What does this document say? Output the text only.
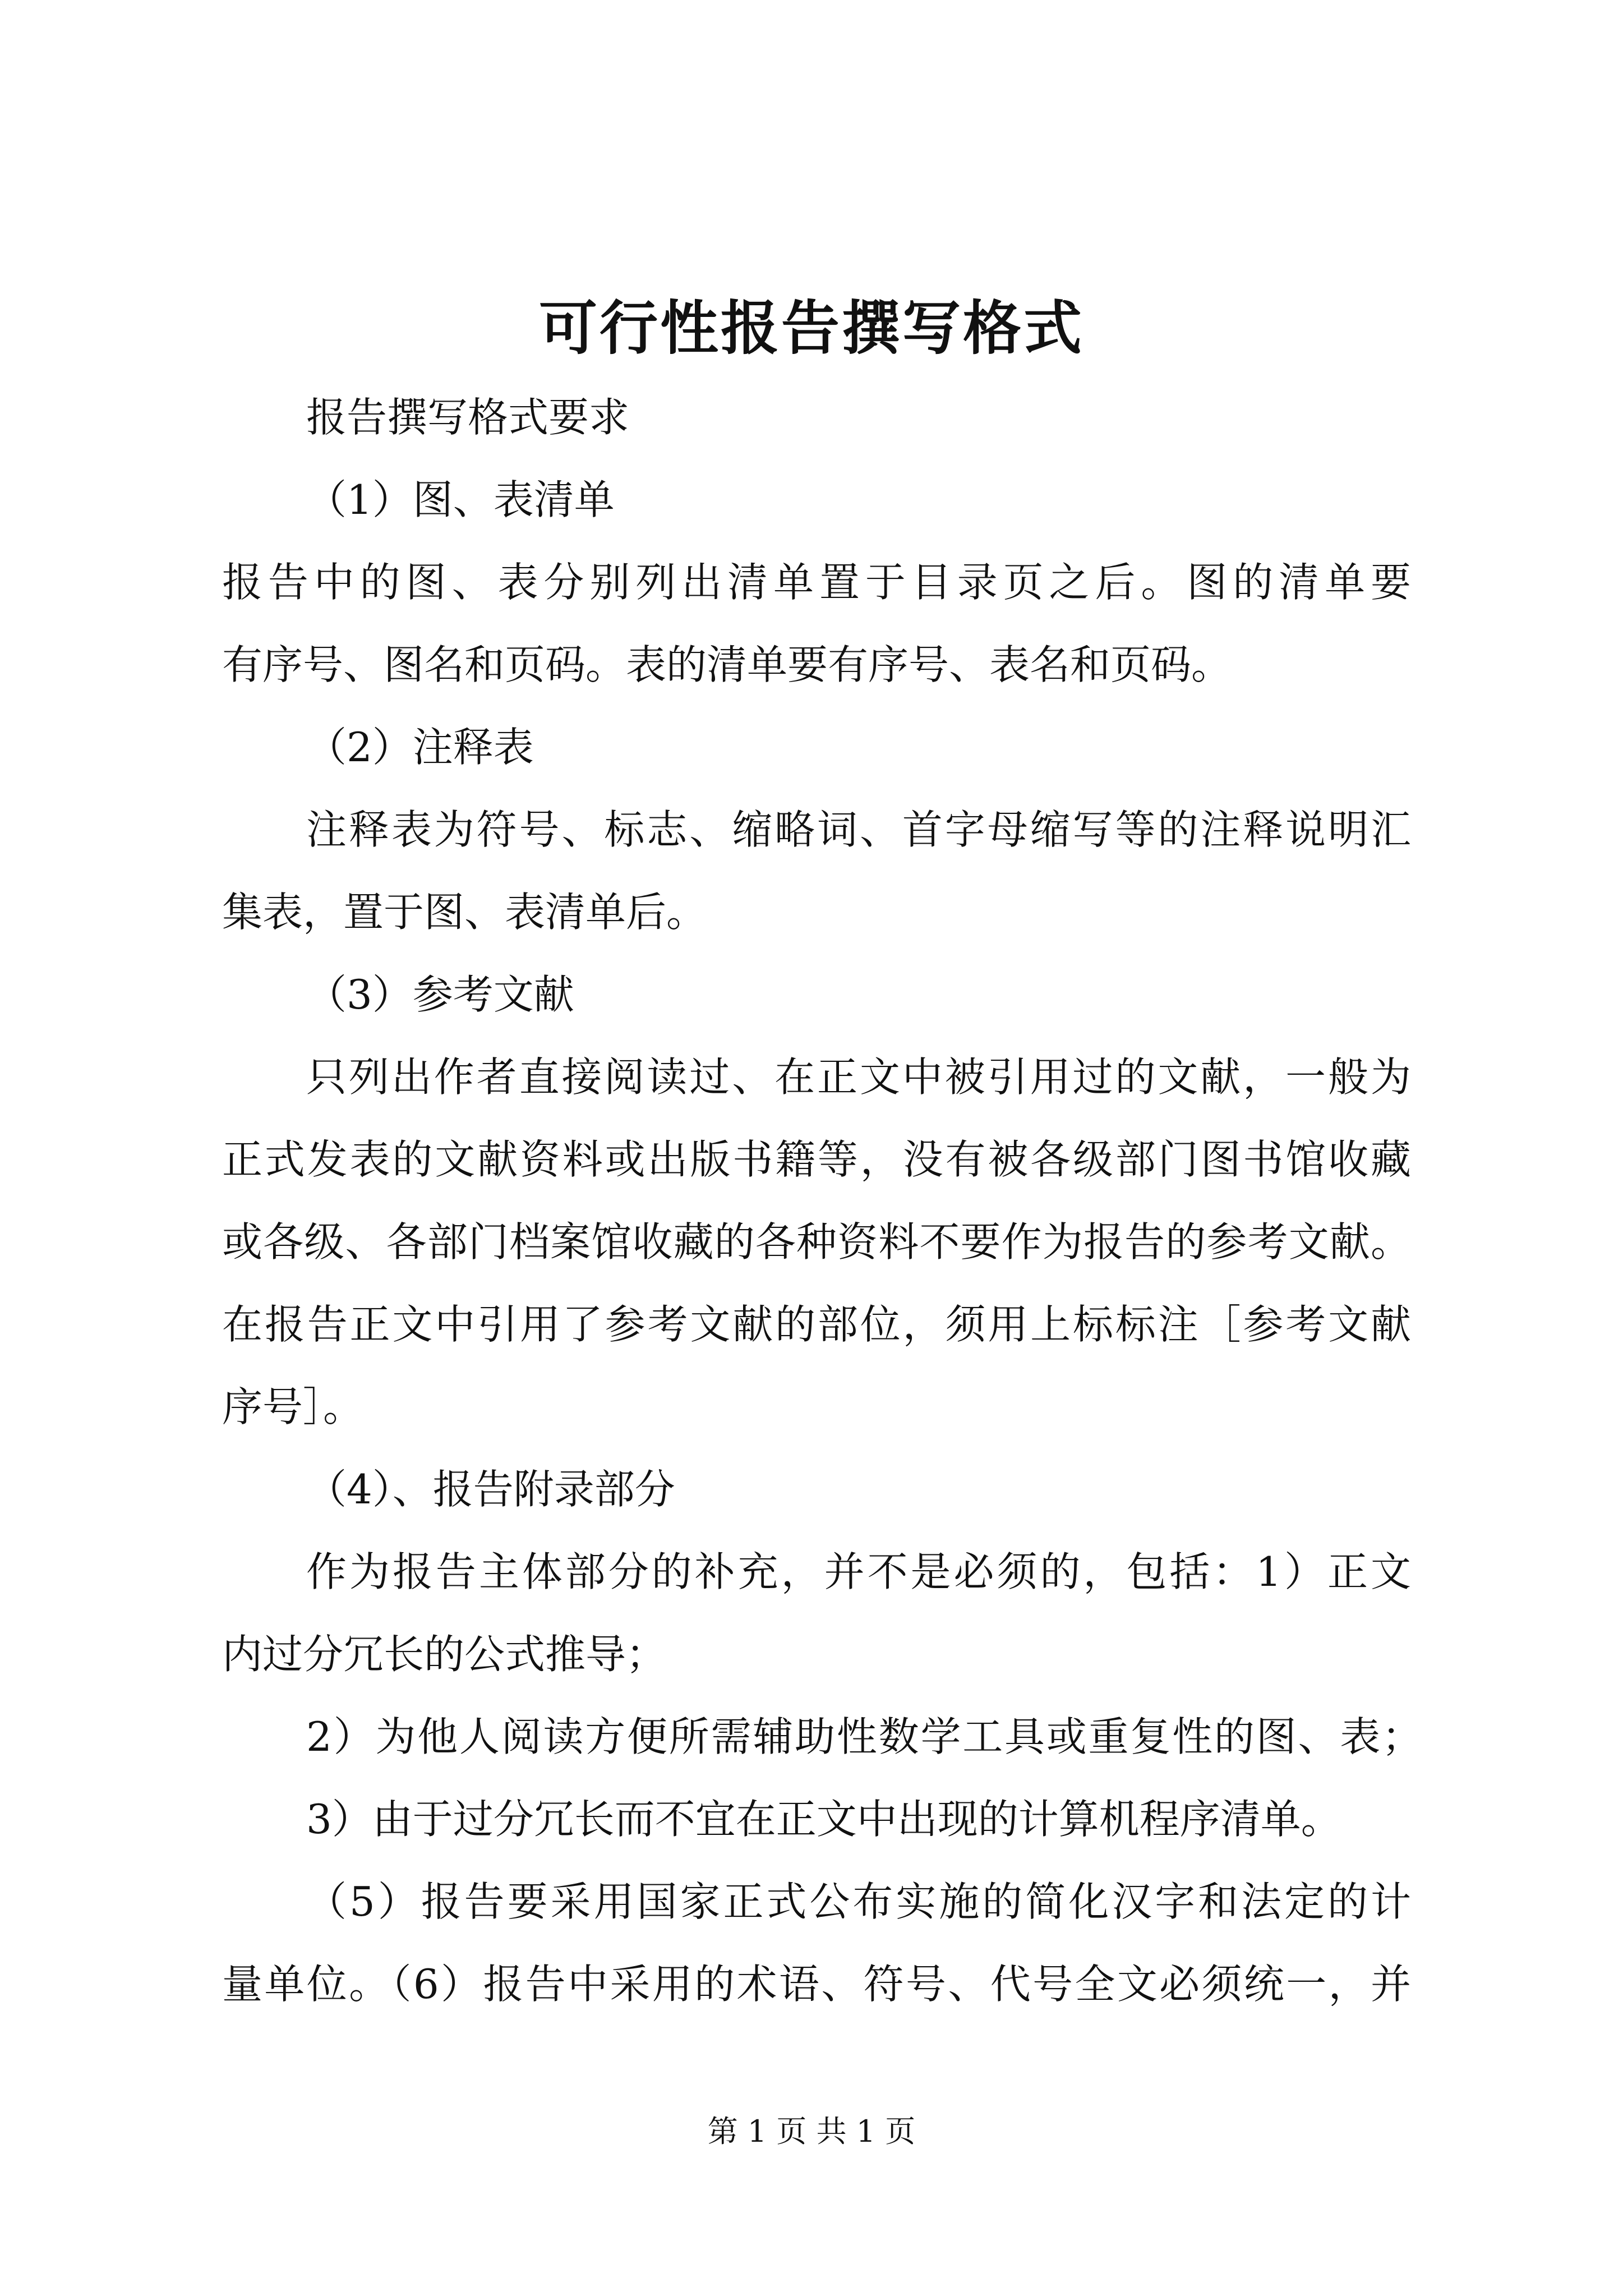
可行性报告撰写格式
报告撰写格式要求
（1）图、表清单
报告中的图、表分别列出清单置于目录页之后。图的清单要
有序号、图名和页码。表的清单要有序号、表名和页码。
（2）注释表
注释表为符号、标志、缩略词、首字母缩写等的注释说明汇
集表，置于图、表清单后。
（3）参考文献
只列出作者直接阅读过、在正文中被引用过的文献，一般为
正式发表的文献资料或出版书籍等，没有被各级部门图书馆收藏
或各级、各部门档案馆收藏的各种资料不要作为报告的参考文献。
在报告正文中引用了参考文献的部位，须用上标标注［参考文献
序号］。
（4）、报告附录部分
作为报告主体部分的补充，并不是必须的，包括：1）正文
内过分冗长的公式推导；
2）为他人阅读方便所需辅助性数学工具或重复性的图、表；
3）由于过分冗长而不宜在正文中出现的计算机程序清单。
（5）报告要采用国家正式公布实施的简化汉字和法定的计
量单位。（6）报告中采用的术语、符号、代号全文必须统一，并
第 1 页 共 1 页
